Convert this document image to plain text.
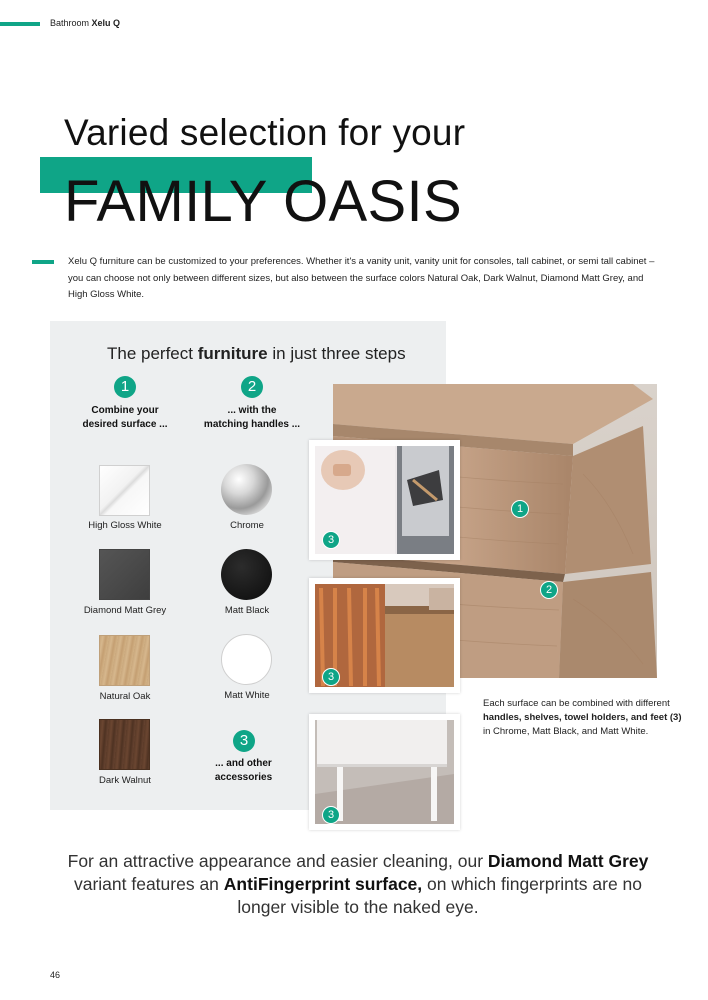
Bathroom Xelu Q
Varied selection for your
FAMILY OASIS
Xelu Q furniture can be customized to your preferences. Whether it's a vanity unit, vanity unit for consoles, tall cabinet, or semi tall cabinet – you can choose not only between different sizes, but also between the surface colors Natural Oak, Dark Walnut, Diamond Matt Grey, and High Gloss White.
The perfect furniture in just three steps
1
Combine your
desired surface ...
2
... with the
matching handles ...
High Gloss White
Diamond Matt Grey
Natural Oak
Dark Walnut
Chrome
Matt Black
Matt White
3
... and other
accessories
1
2
3
3
3
Each surface can be combined with different handles, shelves, towel holders, and feet (3) in Chrome, Matt Black, and Matt White.
For an attractive appearance and easier cleaning, our Diamond Matt Grey variant features an AntiFingerprint surface, on which fingerprints are no longer visible to the naked eye.
46
